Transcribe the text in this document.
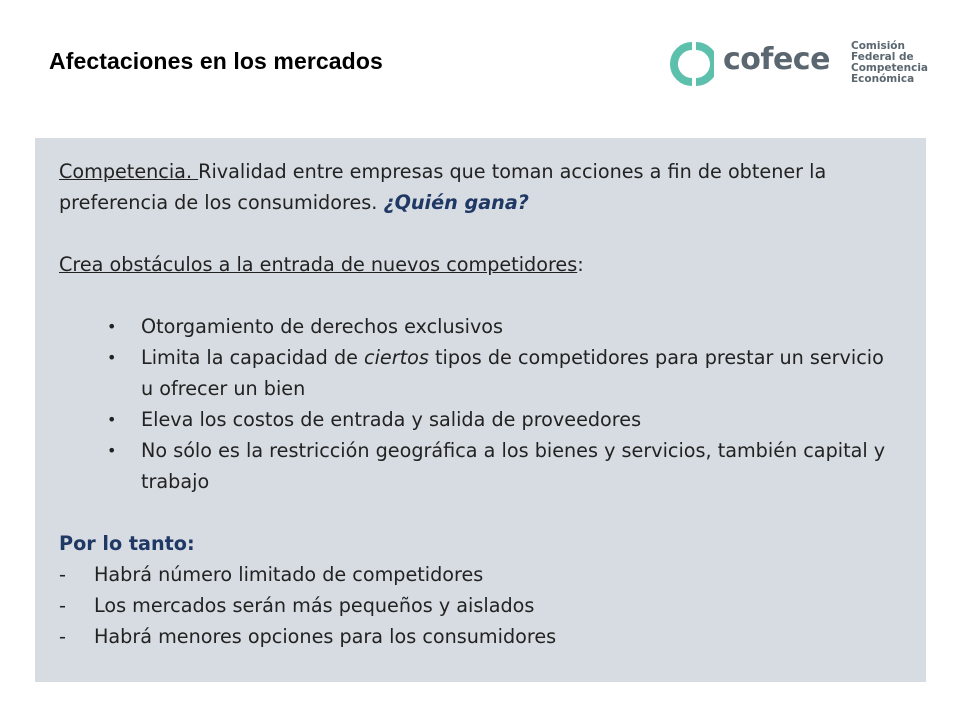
Afectaciones en los mercados	cofece Comisión
Federal de
Competencia
Económica

Competencia. Rivalidad entre empresas que toman acciones a fin de obtener la preferencia de los consumidores. ¿Quién gana?

Crea obstáculos a la entrada de nuevos competidores:

• Otorgamiento de derechos exclusivos
• Limita la capacidad de ciertos tipos de competidores para prestar un servicio u ofrecer un bien
• Eleva los costos de entrada y salida de proveedores
• No sólo es la restricción geográfica a los bienes y servicios, también capital y trabajo

Por lo tanto:

- Habrá número limitado de competidores
- Los mercados serán más pequeños y aislados
- Habrá menores opciones para los consumidores
